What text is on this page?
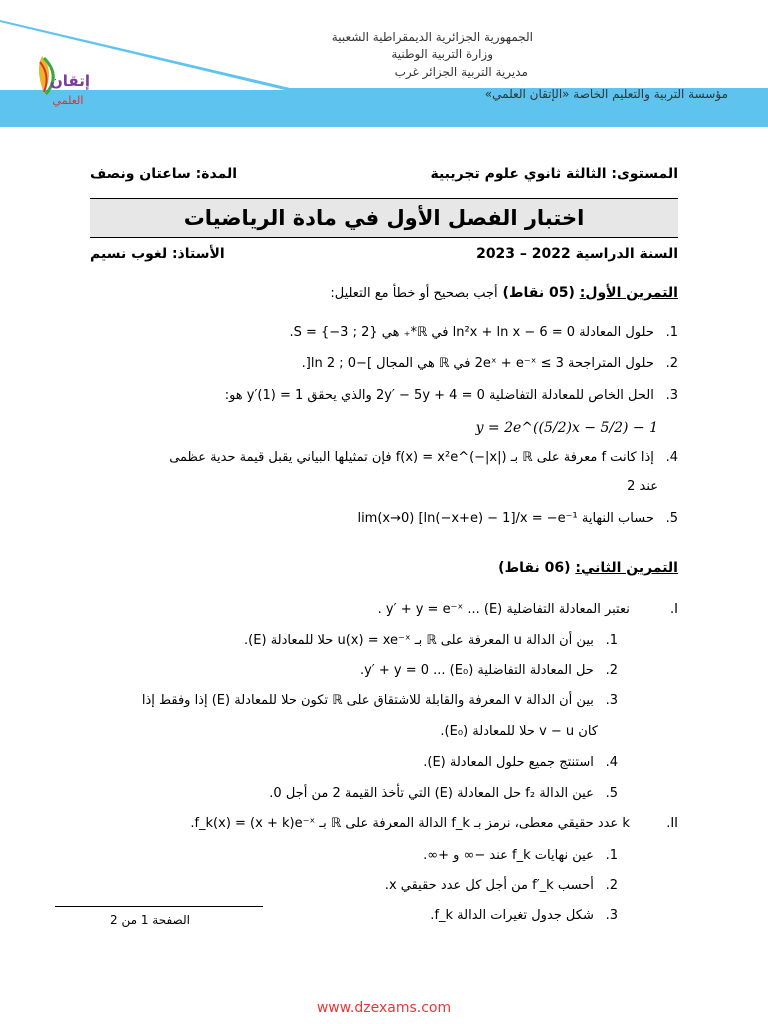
الجمهورية الجزائرية الديمقراطية الشعبية
وزارة التربية الوطنية
مديرية التربية الجزائر غرب
مؤسسة التربية والتعليم الخاصة «الإتقان العلمي»
إتقان
العلمي
المستوى: الثالثة ثانوي علوم تجريبية
المدة: ساعتان ونصف
اختبار الفصل الأول في مادة الرياضيات
السنة الدراسية 2022 – 2023
الأستاذ: لغوب نسيم
التمرين الأول: (05 نقاط) أجب بصحيح أو خطأ مع التعليل:
1. حلول المعادلة ln²x + ln x − 6 = 0 في ℝ*₊ هي S = {−3 ; 2}.
2. حلول المتراجحة 2eˣ + e⁻ˣ ≤ 3 في ℝ هي المجال ]−ln 2 ; 0[.
3. الحل الخاص للمعادلة التفاضلية 2y′ − 5y + 4 = 0 والذي يحقق y′(1) = 1 هو:
y = 2e^((5/2)x − 5/2) − 1
4. إذا كانت f معرفة على ℝ بـ f(x) = x²e^(−|x|) فإن تمثيلها البياني يقبل قيمة حدية عظمى
عند 2
5. حساب النهاية lim(x→0) [ln(−x+e) − 1]/x = −e⁻¹
التمرين الثاني: (06 نقاط)
I. نعتبر المعادلة التفاضلية (E) ... y′ + y = e⁻ˣ .
1. بين أن الدالة u المعرفة على ℝ بـ u(x) = xe⁻ˣ حلا للمعادلة (E).
2. حل المعادلة التفاضلية (E₀) ... y′ + y = 0.
3. بين أن الدالة v المعرفة والقابلة للاشتقاق على ℝ تكون حلا للمعادلة (E) إذا وفقط إذا
كان v − u حلا للمعادلة (E₀).
4. استنتج جميع حلول المعادلة (E).
5. عين الدالة f₂ حل المعادلة (E) التي تأخذ القيمة 2 من أجل 0.
II. k عدد حقيقي معطى، نرمز بـ f_k الدالة المعرفة على ℝ بـ f_k(x) = (x + k)e⁻ˣ.
1. عين نهايات f_k عند −∞ و +∞.
2. أحسب f′_k من أجل كل عدد حقيقي x.
3. شكل جدول تغيرات الدالة f_k.
الصفحة 1 من 2
www.dzexams.com
